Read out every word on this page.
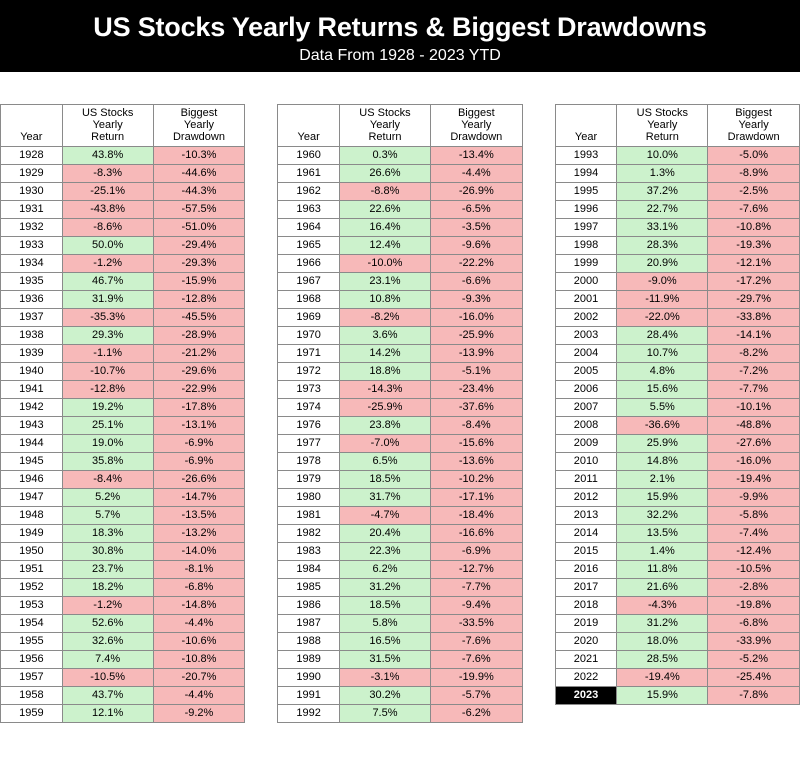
US Stocks Yearly Returns & Biggest Drawdowns
Data From 1928 - 2023 YTD
Year	
US Stocks
Yearly
Return

Biggest
Yearly
Drawdown

1928	43.8%	-10.3%
1929	-8.3%	-44.6%
1930	-25.1%	-44.3%
1931	-43.8%	-57.5%
1932	-8.6%	-51.0%
1933	50.0%	-29.4%
1934	-1.2%	-29.3%
1935	46.7%	-15.9%
1936	31.9%	-12.8%
1937	-35.3%	-45.5%
1938	29.3%	-28.9%
1939	-1.1%	-21.2%
1940	-10.7%	-29.6%
1941	-12.8%	-22.9%
1942	19.2%	-17.8%
1943	25.1%	-13.1%
1944	19.0%	-6.9%
1945	35.8%	-6.9%
1946	-8.4%	-26.6%
1947	5.2%	-14.7%
1948	5.7%	-13.5%
1949	18.3%	-13.2%
1950	30.8%	-14.0%
1951	23.7%	-8.1%
1952	18.2%	-6.8%
1953	-1.2%	-14.8%
1954	52.6%	-4.4%
1955	32.6%	-10.6%
1956	7.4%	-10.8%
1957	-10.5%	-20.7%
1958	43.7%	-4.4%
1959	12.1%	-9.2%
Year	
US Stocks
Yearly
Return

Biggest
Yearly
Drawdown

1960	0.3%	-13.4%
1961	26.6%	-4.4%
1962	-8.8%	-26.9%
1963	22.6%	-6.5%
1964	16.4%	-3.5%
1965	12.4%	-9.6%
1966	-10.0%	-22.2%
1967	23.1%	-6.6%
1968	10.8%	-9.3%
1969	-8.2%	-16.0%
1970	3.6%	-25.9%
1971	14.2%	-13.9%
1972	18.8%	-5.1%
1973	-14.3%	-23.4%
1974	-25.9%	-37.6%
1976	23.8%	-8.4%
1977	-7.0%	-15.6%
1978	6.5%	-13.6%
1979	18.5%	-10.2%
1980	31.7%	-17.1%
1981	-4.7%	-18.4%
1982	20.4%	-16.6%
1983	22.3%	-6.9%
1984	6.2%	-12.7%
1985	31.2%	-7.7%
1986	18.5%	-9.4%
1987	5.8%	-33.5%
1988	16.5%	-7.6%
1989	31.5%	-7.6%
1990	-3.1%	-19.9%
1991	30.2%	-5.7%
1992	7.5%	-6.2%
Year	
US Stocks
Yearly
Return

Biggest
Yearly
Drawdown

1993	10.0%	-5.0%
1994	1.3%	-8.9%
1995	37.2%	-2.5%
1996	22.7%	-7.6%
1997	33.1%	-10.8%
1998	28.3%	-19.3%
1999	20.9%	-12.1%
2000	-9.0%	-17.2%
2001	-11.9%	-29.7%
2002	-22.0%	-33.8%
2003	28.4%	-14.1%
2004	10.7%	-8.2%
2005	4.8%	-7.2%
2006	15.6%	-7.7%
2007	5.5%	-10.1%
2008	-36.6%	-48.8%
2009	25.9%	-27.6%
2010	14.8%	-16.0%
2011	2.1%	-19.4%
2012	15.9%	-9.9%
2013	32.2%	-5.8%
2014	13.5%	-7.4%
2015	1.4%	-12.4%
2016	11.8%	-10.5%
2017	21.6%	-2.8%
2018	-4.3%	-19.8%
2019	31.2%	-6.8%
2020	18.0%	-33.9%
2021	28.5%	-5.2%
2022	-19.4%	-25.4%
2023	15.9%	-7.8%
